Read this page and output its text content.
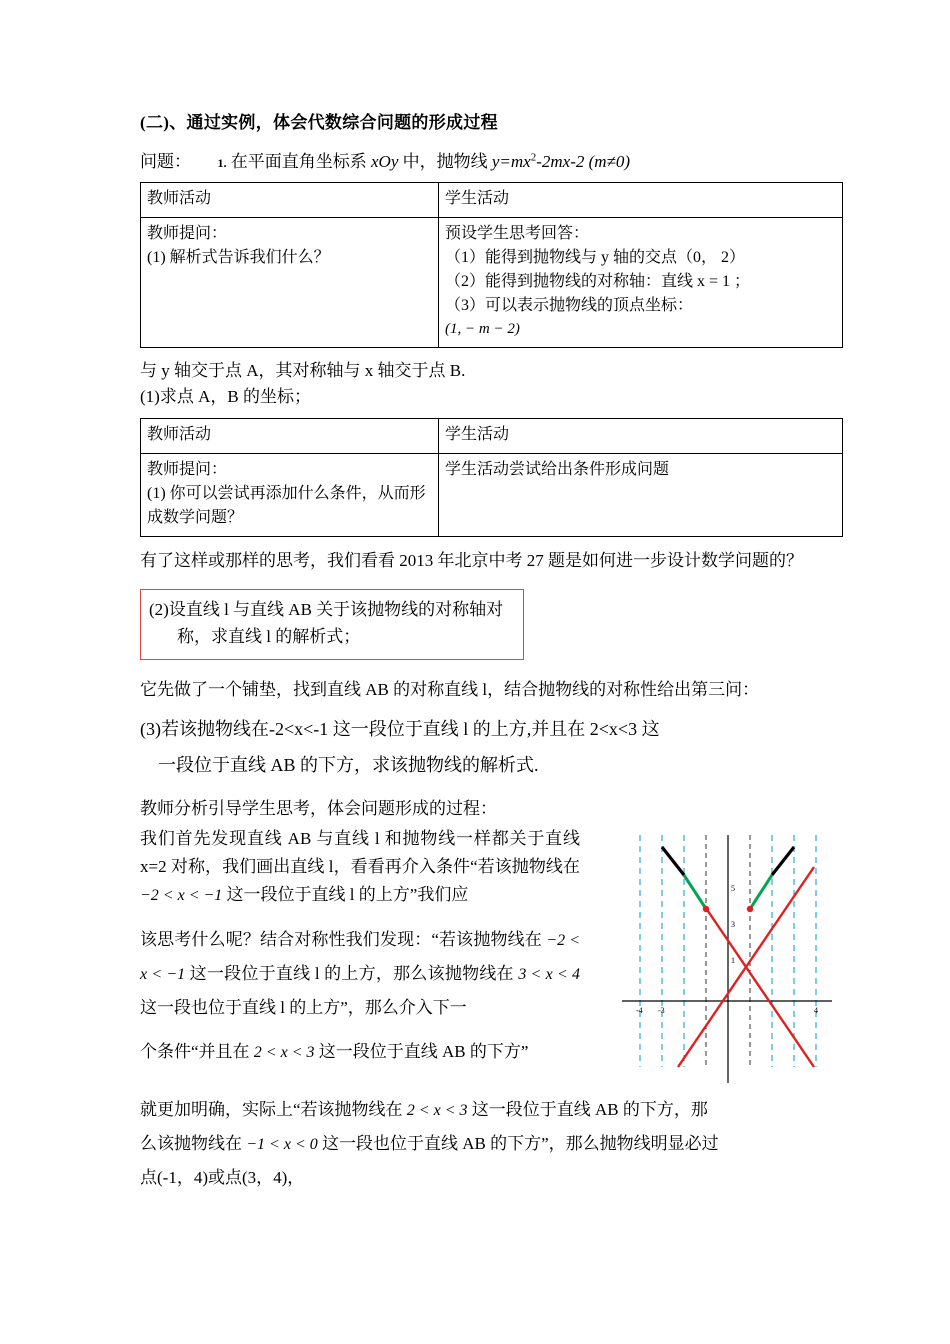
(二)、通过实例，体会代数综合问题的形成过程
问题： 1. 在平面直角坐标系 xOy 中，抛物线 $y=mx^2-2mx-2$ (m≠0)
教师活动	学生活动

教师提问：
(1) 解析式告诉我们什么？

预设学生思考回答：
（1）能得到抛物线与 y 轴的交点（0， 2）
（2）能得到抛物线的对称轴：直线 x = 1 ；
（3）可以表示抛物线的顶点坐标：
(1, − m − 2)
与 y 轴交于点 A，其对称轴与 x 轴交于点 B.
(1)求点 A，B 的坐标；
教师活动	学生活动

教师提问：
(1) 你可以尝试再添加什么条件，从而形成数学问题？	学生活动尝试给出条件形成问题
有了这样或那样的思考，我们看看 2013 年北京中考 27 题是如何进一步设计数学问题的？
(2)设直线 l 与直线 AB 关于该抛物线的对称轴对
称，求直线 l 的解析式；
它先做了一个铺垫，找到直线 AB 的对称直线 l，结合抛物线的对称性给出第三问：
(3)若该抛物线在-2<x<-1 这一段位于直线 l 的上方,并且在 2<x<3 这
一段位于直线 AB 的下方，求该抛物线的解析式.
教师分析引导学生思考，体会问题形成的过程：
我们首先发现直线 AB 与直线 l 和抛物线一样都关于直线 x=2 对称，我们画出直线 l，看看再介入条件“若该抛物线在 −2 < x < −1 这一段位于直线 l 的上方”我们应
该思考什么呢？结合对称性我们发现：“若该抛物线在 −2 < x < −1 这一段位于直线 l 的上方，那么该抛物线在 3 < x < 4 这一段也位于直线 l 的上方”，那么介入下一
个条件“并且在 2 < x < 3 这一段位于直线 AB 的下方”
5
3
1
-4 -3	4
就更加明确，实际上“若该抛物线在 2 < x < 3 这一段位于直线 AB 的下方，那
么该抛物线在 −1 < x < 0 这一段也位于直线 AB 的下方”，那么抛物线明显必过
点(-1，4)或点(3，4)，
